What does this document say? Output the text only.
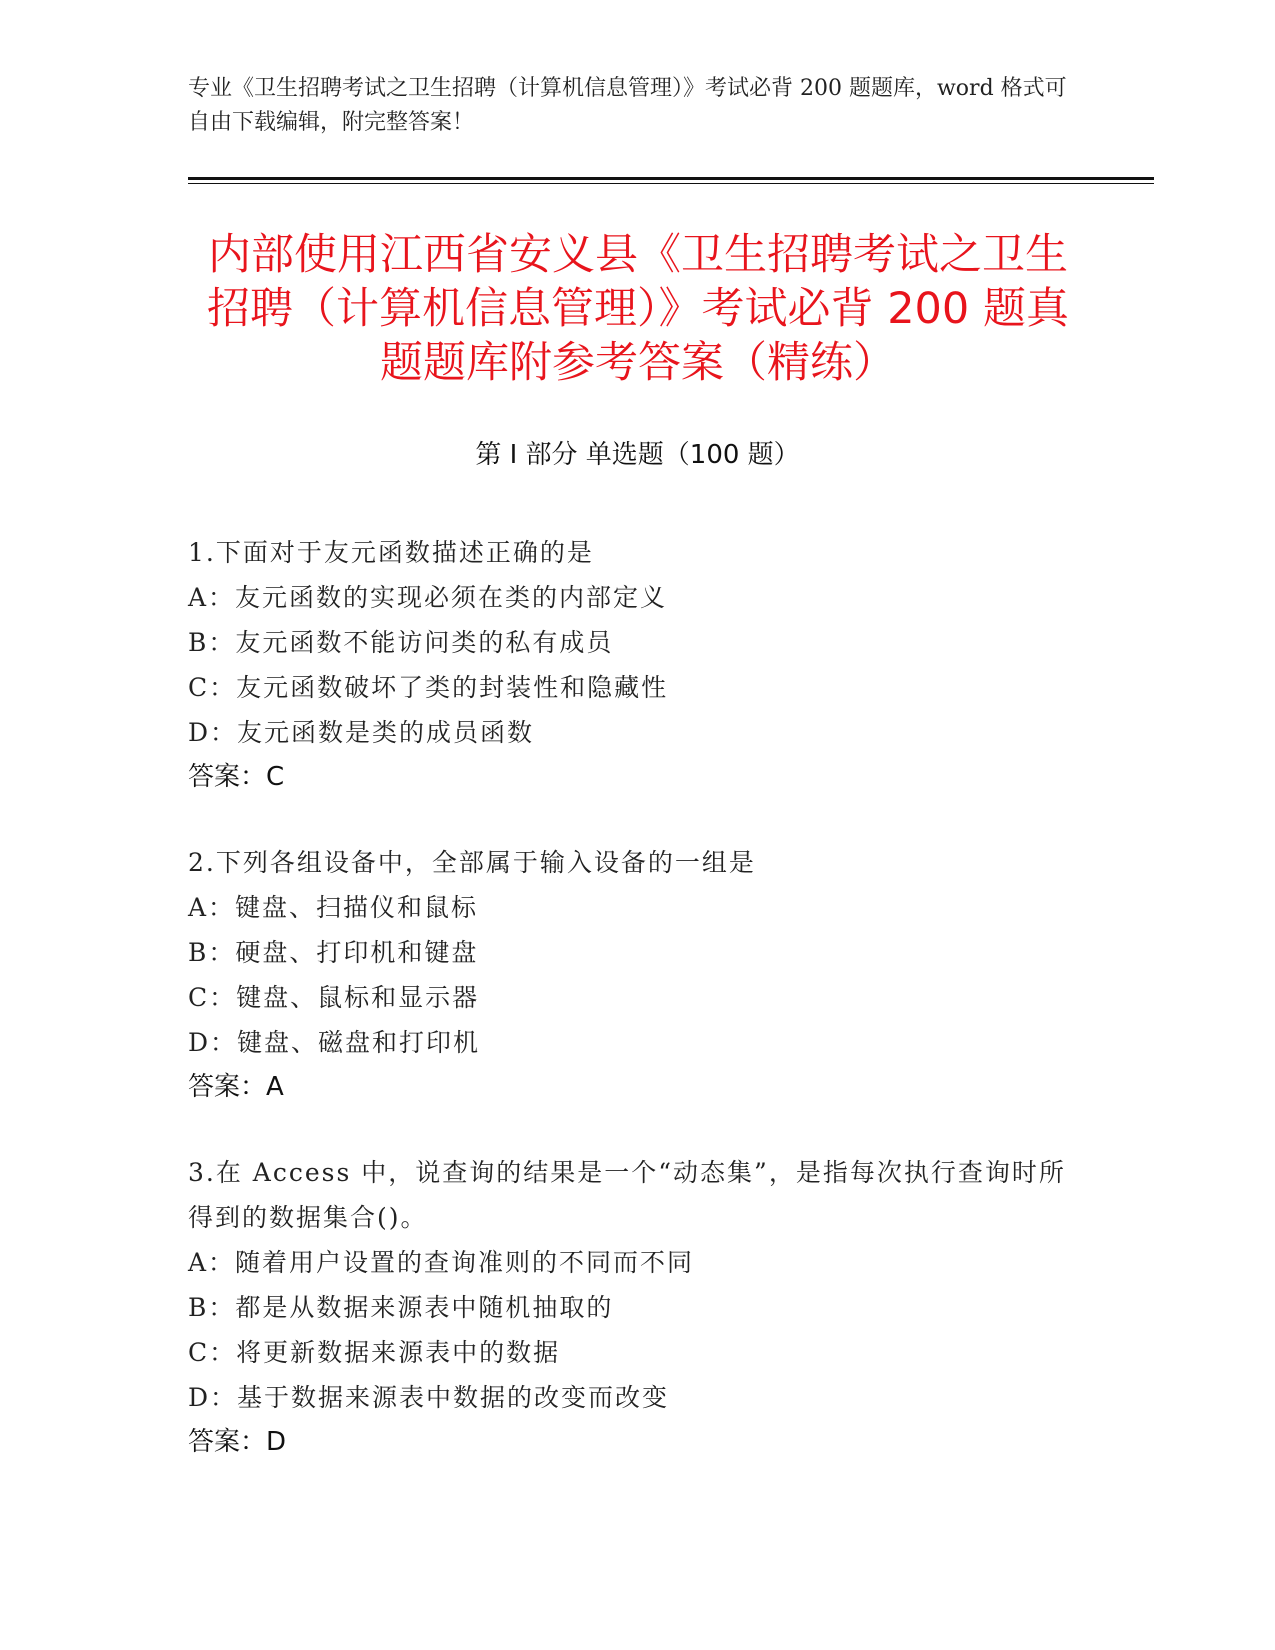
专业《卫生招聘考试之卫生招聘（计算机信息管理）》考试必背 200 题题库，word 格式可自由下载编辑，附完整答案！
内部使用江西省安义县《卫生招聘考试之卫生招聘（计算机信息管理）》考试必背 200 题真题题库附参考答案（精练）
第 I 部分 单选题（100 题）
1.下面对于友元函数描述正确的是
A：友元函数的实现必须在类的内部定义
B：友元函数不能访问类的私有成员
C：友元函数破坏了类的封装性和隐藏性
D：友元函数是类的成员函数
答案：C
2.下列各组设备中，全部属于输入设备的一组是
A：键盘、扫描仪和鼠标
B：硬盘、打印机和键盘
C：键盘、鼠标和显示器
D：键盘、磁盘和打印机
答案：A
3.在 Access 中，说查询的结果是一个“动态集”，是指每次执行查询时所得到的数据集合()。
A：随着用户设置的查询准则的不同而不同
B：都是从数据来源表中随机抽取的
C：将更新数据来源表中的数据
D：基于数据来源表中数据的改变而改变
答案：D
